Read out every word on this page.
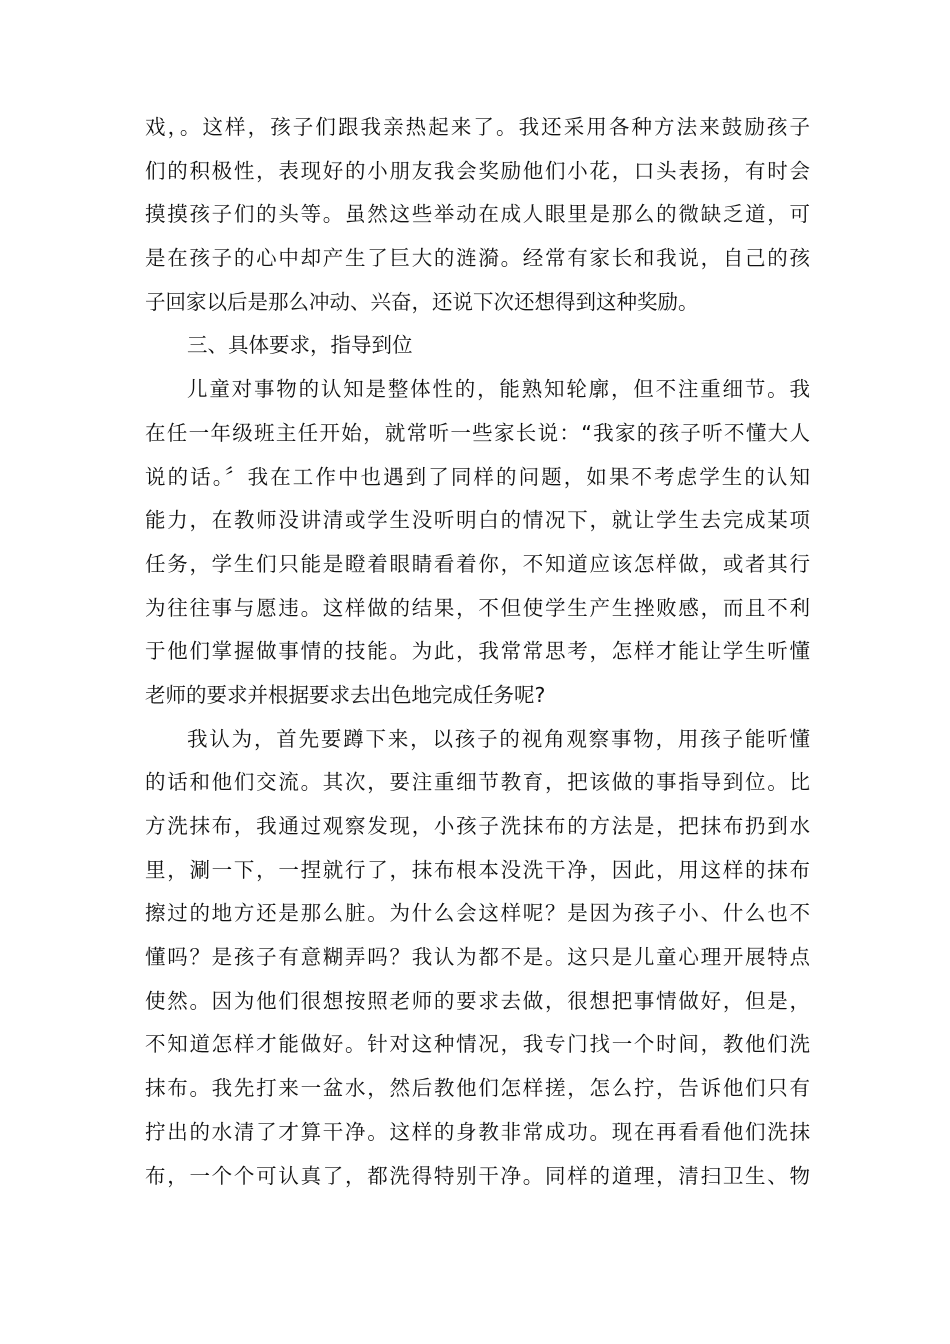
戏，。这样，孩子们跟我亲热起来了。我还采用各种方法来鼓励孩子
们的积极性，表现好的小朋友我会奖励他们小花，口头表扬，有时会
摸摸孩子们的头等。虽然这些举动在成人眼里是那么的微缺乏道，可
是在孩子的心中却产生了巨大的涟漪。经常有家长和我说，自己的孩
子回家以后是那么冲动、兴奋，还说下次还想得到这种奖励。
三、具体要求，指导到位
儿童对事物的认知是整体性的，能熟知轮廓，但不注重细节。我
在任一年级班主任开始，就常听一些家长说：“我家的孩子听不懂大人
说的话。〞我在工作中也遇到了同样的问题，如果不考虑学生的认知
能力，在教师没讲清或学生没听明白的情况下，就让学生去完成某项
任务，学生们只能是瞪着眼睛看着你，不知道应该怎样做，或者其行
为往往事与愿违。这样做的结果，不但使学生产生挫败感，而且不利
于他们掌握做事情的技能。为此，我常常思考，怎样才能让学生听懂
老师的要求并根据要求去出色地完成任务呢?
我认为，首先要蹲下来，以孩子的视角观察事物，用孩子能听懂
的话和他们交流。其次，要注重细节教育，把该做的事指导到位。比
方洗抹布，我通过观察发现，小孩子洗抹布的方法是，把抹布扔到水
里，涮一下，一捏就行了，抹布根本没洗干净，因此，用这样的抹布
擦过的地方还是那么脏。为什么会这样呢？是因为孩子小、什么也不
懂吗？是孩子有意糊弄吗？我认为都不是。这只是儿童心理开展特点
使然。因为他们很想按照老师的要求去做，很想把事情做好，但是，
不知道怎样才能做好。针对这种情况，我专门找一个时间，教他们洗
抹布。我先打来一盆水，然后教他们怎样搓，怎么拧，告诉他们只有
拧出的水清了才算干净。这样的身教非常成功。现在再看看他们洗抹
布，一个个可认真了，都洗得特别干净。同样的道理，清扫卫生、物
